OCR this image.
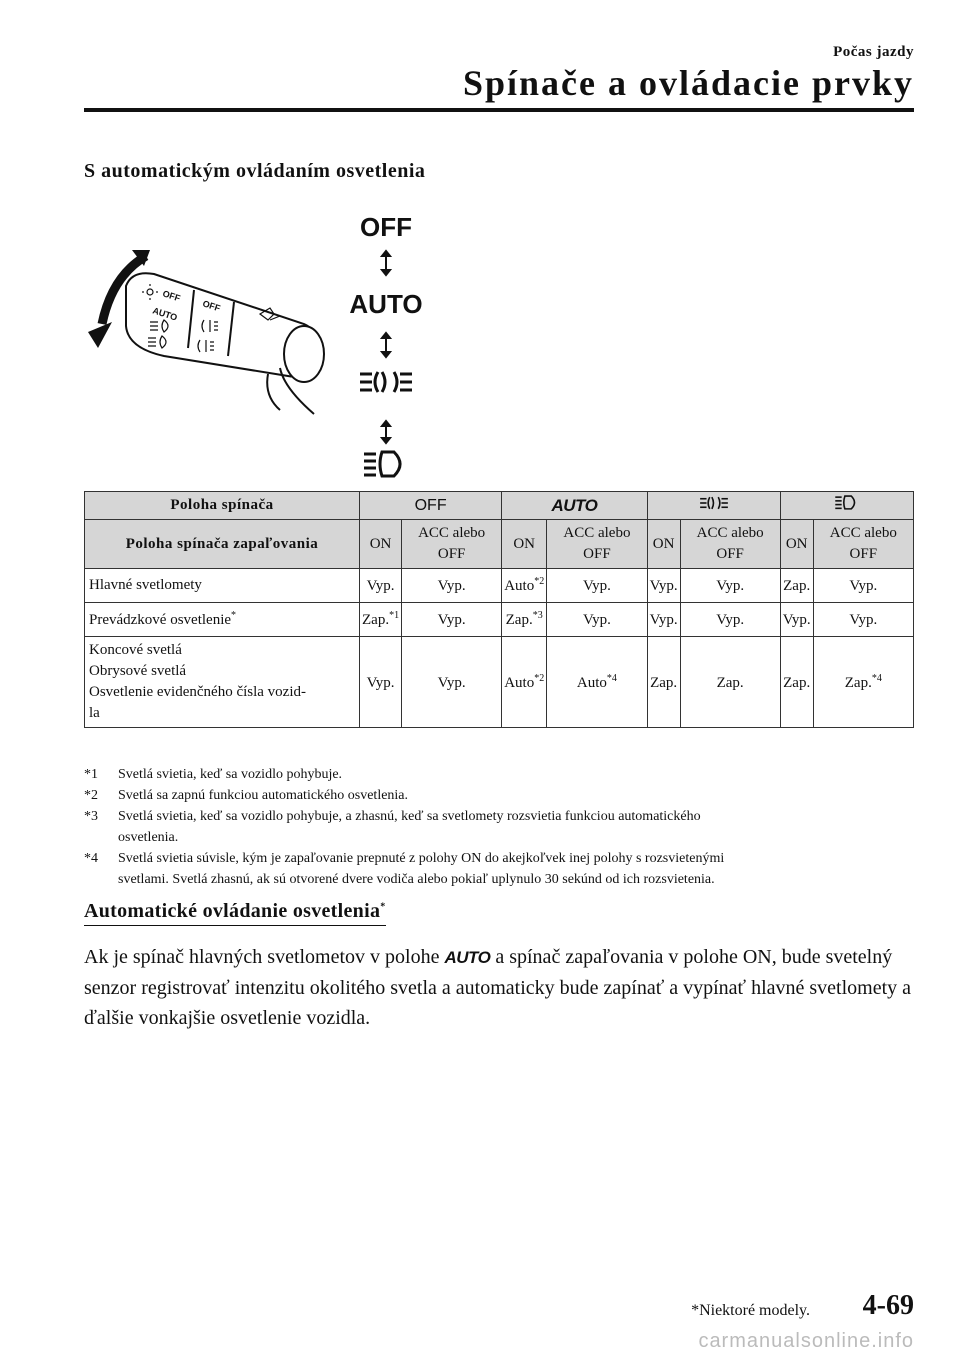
Počas jazdy
Spínače a ovládacie prvky
S automatickým ovládaním osvetlenia
OFF
AUTO
OFF
AUTO	OFF
Poloha spínača	OFF		AUTO		
Poloha spínača zapaľovania	ON	ACC alebo OFF	ON	ACC alebo OFF	ON	ACC alebo OFF	ON	ACC alebo OFF
Hlavné svetlomety	Vyp.	Vyp.	Auto$^{*2}$	Vyp.	Vyp.	Vyp.	Zap.	Vyp.
Prevádzkové osvetlenie*	Zap.$^{*1}$	Vyp.	Zap.$^{*3}$	Vyp.	Vyp.	Vyp.	Vyp.	Vyp.

Koncové svetlá
Obrysové svetlá
Osvetlenie evidenčného čísla vozid-
la	Vyp.	Vyp.	Auto$^{*2}$	Auto$^{*4}$	Zap.	Zap.	Zap.	Zap.$^{*4}$
*1	Svetlá svietia, keď sa vozidlo pohybuje.
*2	Svetlá sa zapnú funkciou automatického osvetlenia.
*3	Svetlá svietia, keď sa vozidlo pohybuje, a zhasnú, keď sa svetlomety rozsvietia funkciou automatického
osvetlenia.
*4	Svetlá svietia súvisle, kým je zapaľovanie prepnuté z polohy ON do akejkoľvek inej polohy s rozsvietenými
svetlami. Svetlá zhasnú, ak sú otvorené dvere vodiča alebo pokiaľ uplynulo 30 sekúnd od ich rozsvietenia.
Automatické ovládanie osvetlenia*
Ak je spínač hlavných svetlometov v polohe AUTO a spínač zapaľovania v polohe ON, bude svetelný senzor registrovať intenzitu okolitého svetla a automaticky bude zapínať a vypínať hlavné svetlomety a ďalšie vonkajšie osvetlenie vozidla.
*Niektoré modely. 4-69
carmanualsonline.info
